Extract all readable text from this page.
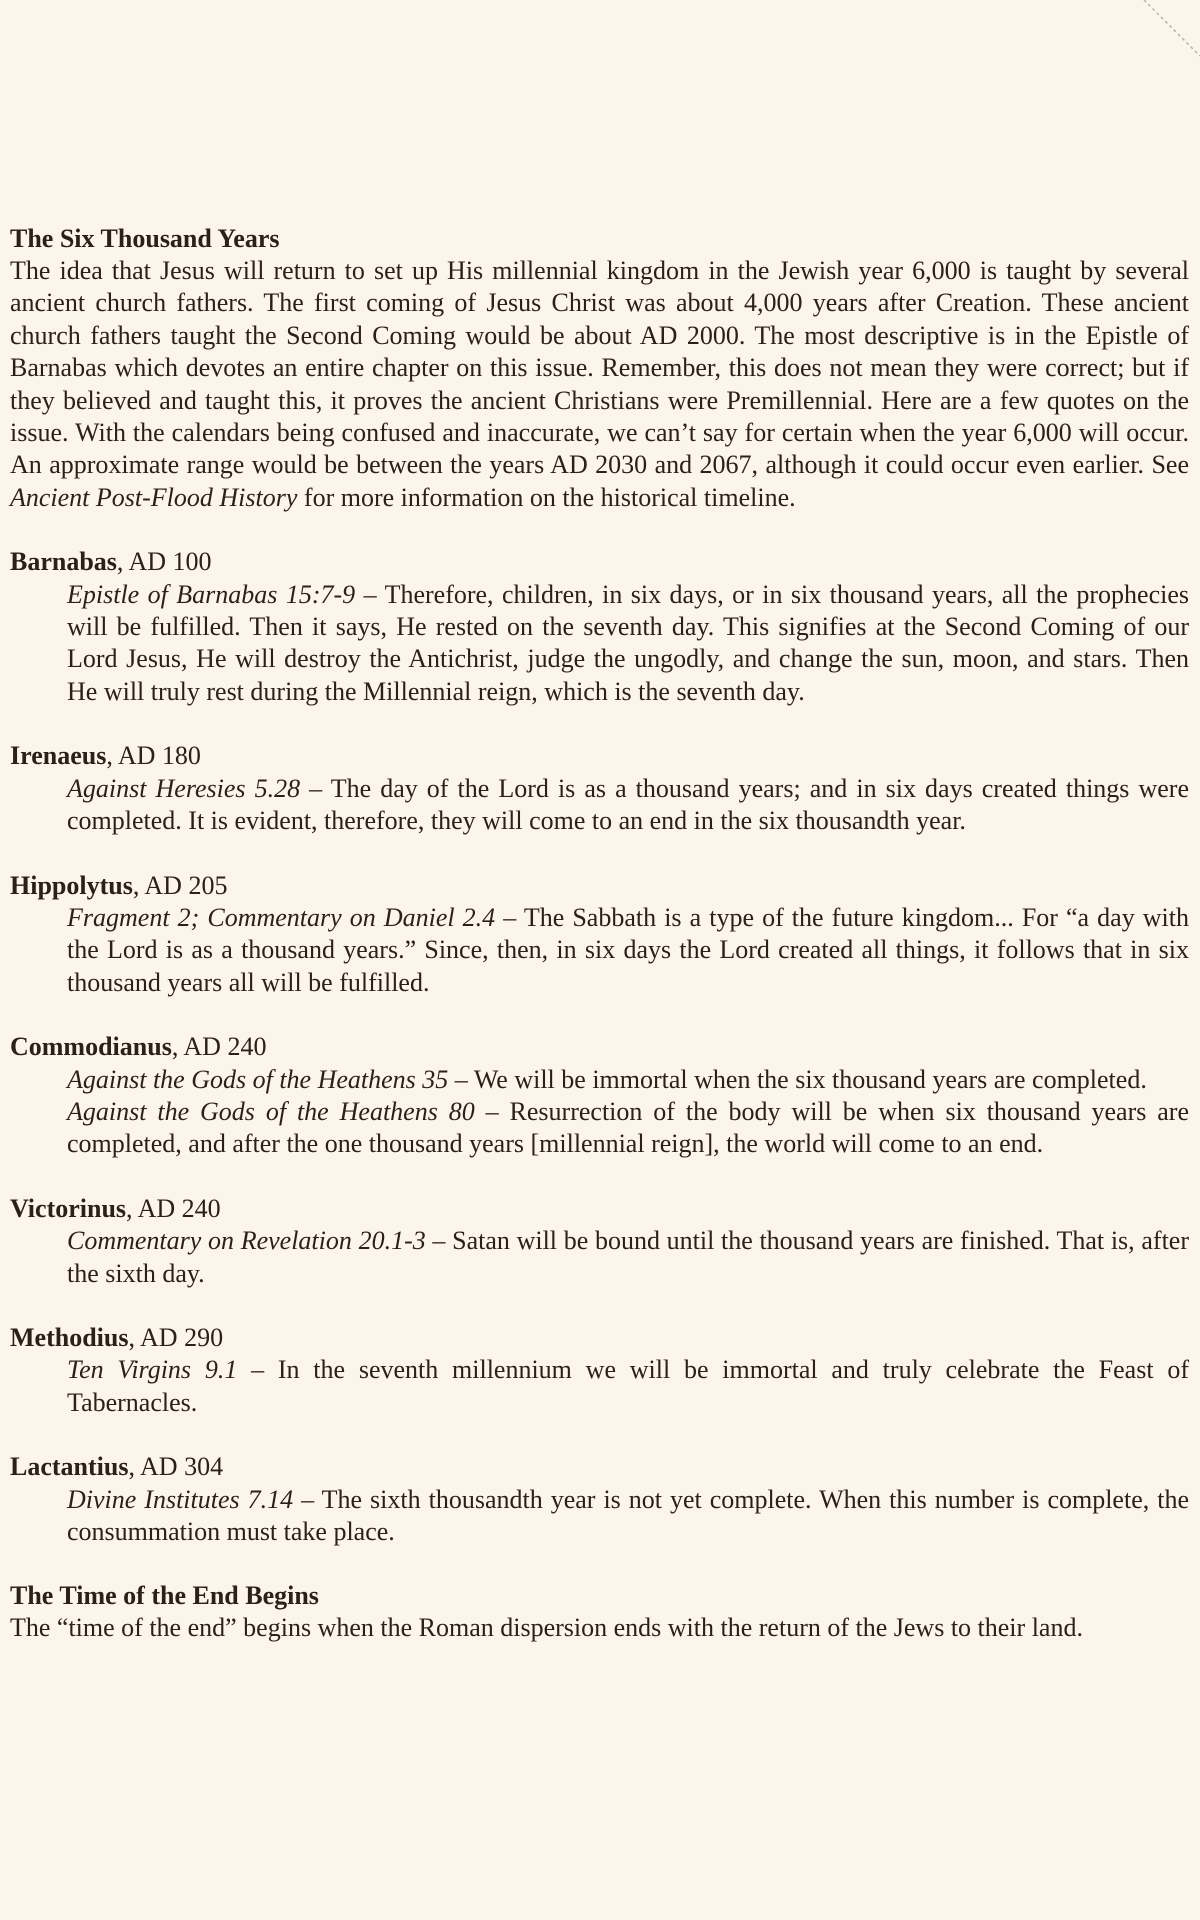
The Six Thousand Years

The idea that Jesus will return to set up His millennial kingdom in the Jewish year 6,000 is taught by several ancient church fathers. The first coming of Jesus Christ was about 4,000 years after Creation. These ancient church fathers taught the Second Coming would be about AD 2000. The most descriptive is in the Epistle of Barnabas which devotes an entire chapter on this issue. Remember, this does not mean they were correct; but if they believed and taught this, it proves the ancient Christians were Premillennial. Here are a few quotes on the issue. With the calendars being confused and inaccurate, we can’t say for certain when the year 6,000 will occur. An approximate range would be between the years AD 2030 and 2067, although it could occur even earlier. See Ancient Post-Flood History for more information on the historical timeline.

Barnabas, AD 100

Epistle of Barnabas 15:7-9 – Therefore, children, in six days, or in six thousand years, all the prophecies will be fulfilled. Then it says, He rested on the seventh day. This signifies at the Second Coming of our Lord Jesus, He will destroy the Antichrist, judge the ungodly, and change the sun, moon, and stars. Then He will truly rest during the Millennial reign, which is the seventh day.

Irenaeus, AD 180

Against Heresies 5.28 – The day of the Lord is as a thousand years; and in six days created things were completed. It is evident, therefore, they will come to an end in the six thousandth year.

Hippolytus, AD 205

Fragment 2; Commentary on Daniel 2.4 – The Sabbath is a type of the future kingdom... For “a day with the Lord is as a thousand years.” Since, then, in six days the Lord created all things, it follows that in six thousand years all will be fulfilled.

Commodianus, AD 240

Against the Gods of the Heathens 35 – We will be immortal when the six thousand years are completed.

Against the Gods of the Heathens 80 – Resurrection of the body will be when six thousand years are completed, and after the one thousand years [millennial reign], the world will come to an end.

Victorinus, AD 240

Commentary on Revelation 20.1-3 – Satan will be bound until the thousand years are finished. That is, after the sixth day.

Methodius, AD 290

Ten Virgins 9.1 – In the seventh millennium we will be immortal and truly celebrate the Feast of Tabernacles.

Lactantius, AD 304

Divine Institutes 7.14 – The sixth thousandth year is not yet complete. When this number is complete, the consummation must take place.

The Time of the End Begins

The “time of the end” begins when the Roman dispersion ends with the return of the Jews to their land.
